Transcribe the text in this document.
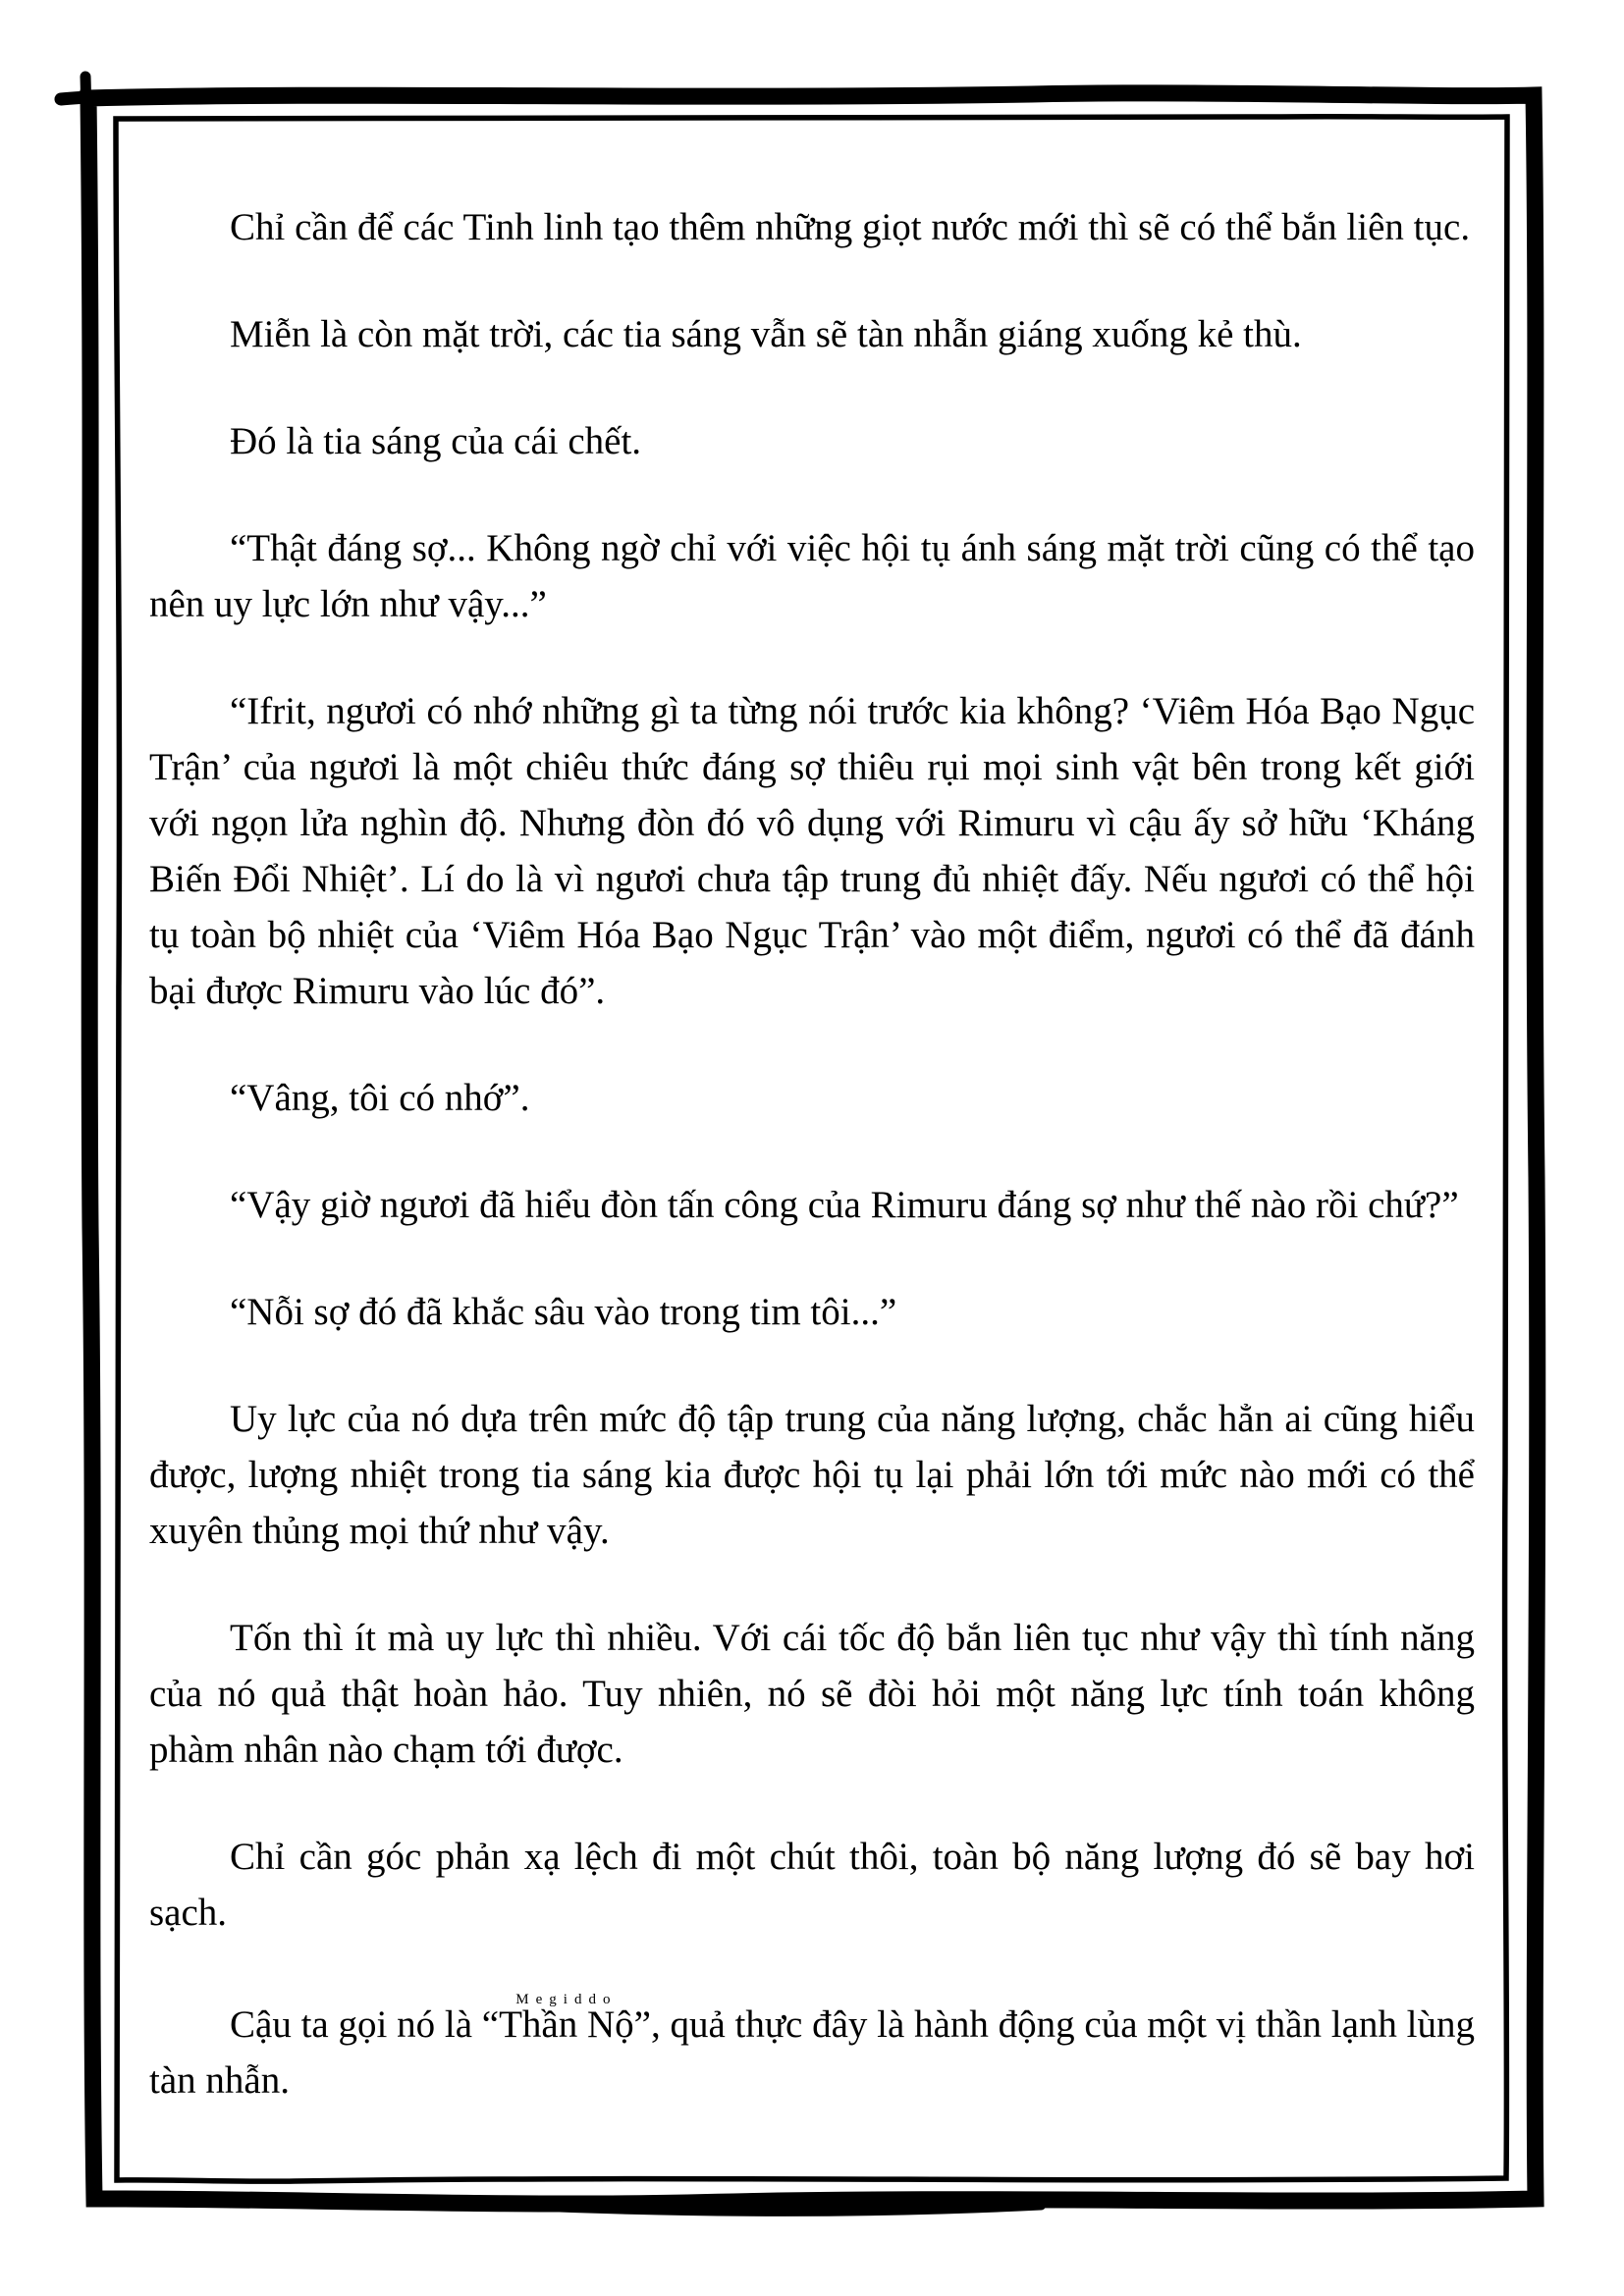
Chỉ cần để các Tinh linh tạo thêm những giọt nước mới thì sẽ có thể bắn liên tục.

Miễn là còn mặt trời, các tia sáng vẫn sẽ tàn nhẫn giáng xuống kẻ thù.

Đó là tia sáng của cái chết.

“Thật đáng sợ... Không ngờ chỉ với việc hội tụ ánh sáng mặt trời cũng có thể tạo nên uy lực lớn như vậy...”

“Ifrit, ngươi có nhớ những gì ta từng nói trước kia không? ‘Viêm Hóa Bạo Ngục Trận’ của ngươi là một chiêu thức đáng sợ thiêu rụi mọi sinh vật bên trong kết giới với ngọn lửa nghìn độ. Nhưng đòn đó vô dụng với Rimuru vì cậu ấy sở hữu ‘Kháng Biến Đổi Nhiệt’. Lí do là vì ngươi chưa tập trung đủ nhiệt đấy. Nếu ngươi có thể hội tụ toàn bộ nhiệt của ‘Viêm Hóa Bạo Ngục Trận’ vào một điểm, ngươi có thể đã đánh bại được Rimuru vào lúc đó”.

“Vâng, tôi có nhớ”.

“Vậy giờ ngươi đã hiểu đòn tấn công của Rimuru đáng sợ như thế nào rồi chứ?”

“Nỗi sợ đó đã khắc sâu vào trong tim tôi...”

Uy lực của nó dựa trên mức độ tập trung của năng lượng, chắc hẳn ai cũng hiểu được, lượng nhiệt trong tia sáng kia được hội tụ lại phải lớn tới mức nào mới có thể xuyên thủng mọi thứ như vậy.

Tốn thì ít mà uy lực thì nhiều. Với cái tốc độ bắn liên tục như vậy thì tính năng của nó quả thật hoàn hảo. Tuy nhiên, nó sẽ đòi hỏi một năng lực tính toán không phàm nhân nào chạm tới được.

Chỉ cần góc phản xạ lệch đi một chút thôi, toàn bộ năng lượng đó sẽ bay hơi sạch.

Cậu ta gọi nó là “Thần NộMegiddo”, quả thực đây là hành động của một vị thần lạnh lùng tàn nhẫn.
